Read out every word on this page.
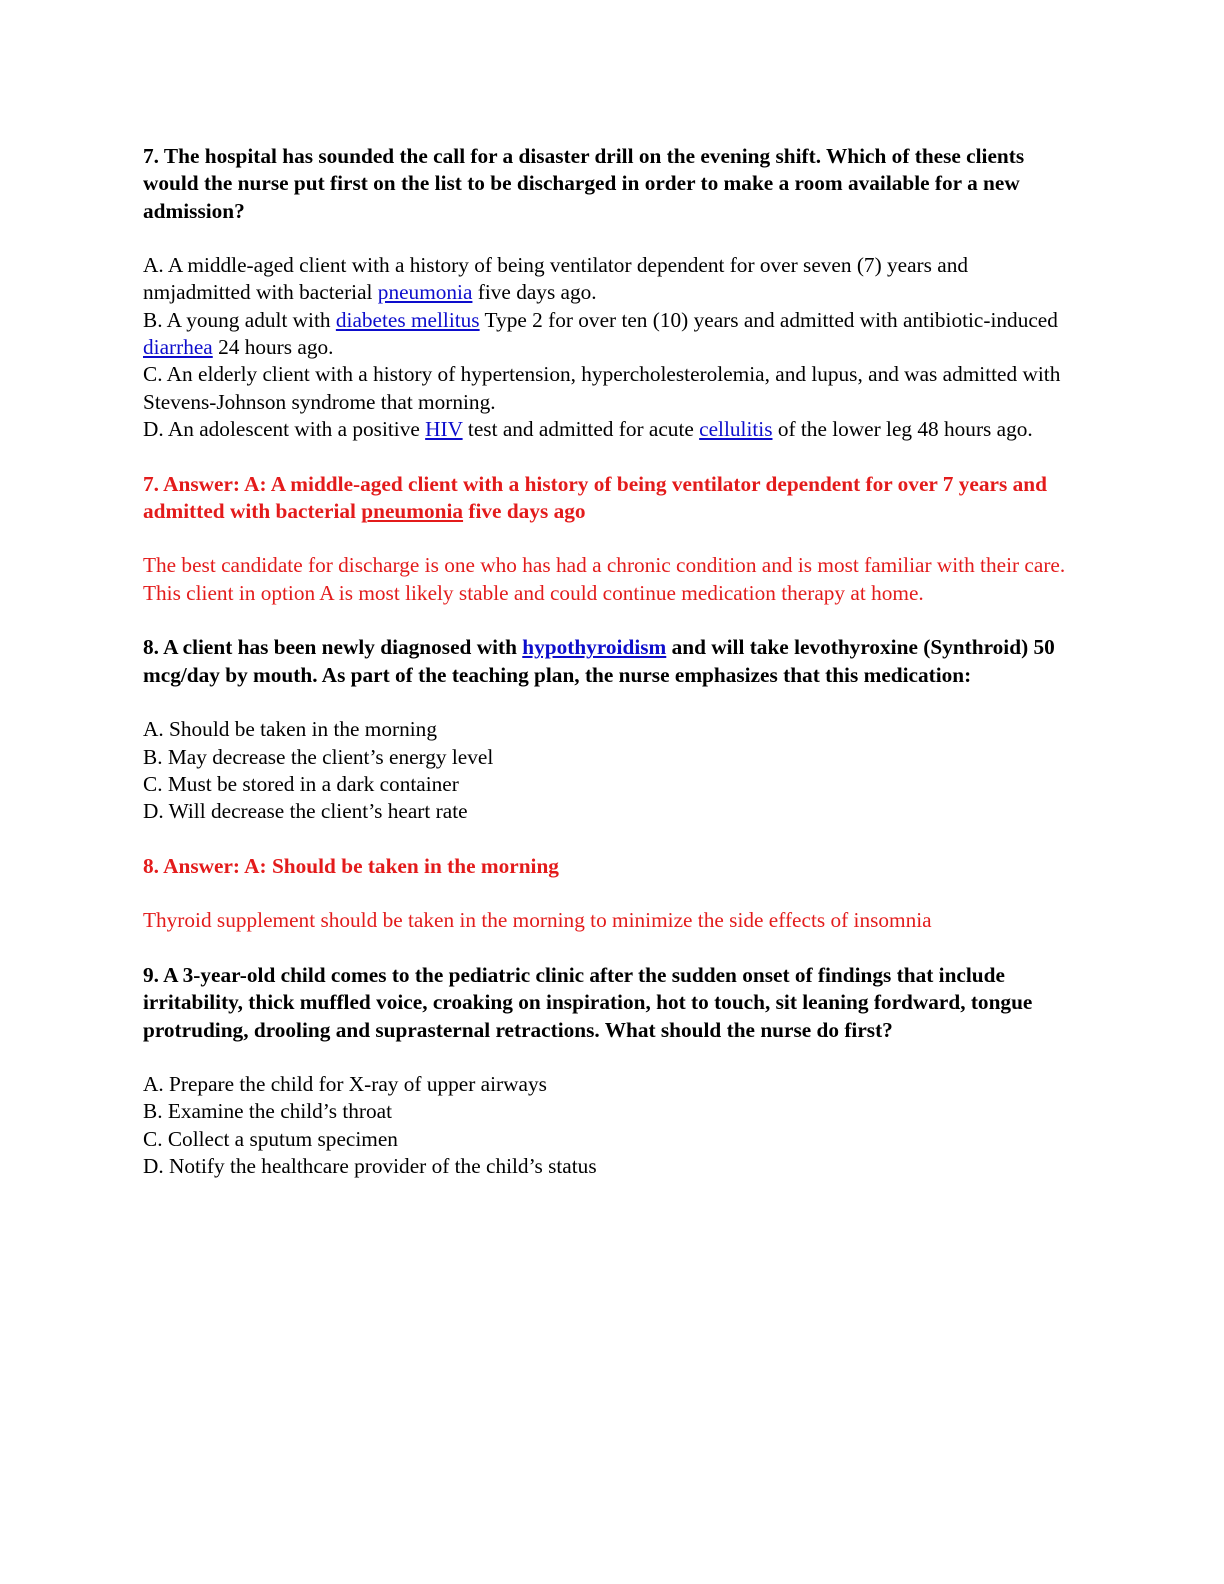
7. The hospital has sounded the call for a disaster drill on the evening shift. Which of these clients would the nurse put first on the list to be discharged in order to make a room available for a new admission?

A. A middle-aged client with a history of being ventilator dependent for over seven (7) years and nmjadmitted with bacterial pneumonia five days ago.
B. A young adult with diabetes mellitus Type 2 for over ten (10) years and admitted with antibiotic-induced diarrhea 24 hours ago.
C. An elderly client with a history of hypertension, hypercholesterolemia, and lupus, and was admitted with Stevens-Johnson syndrome that morning.
D. An adolescent with a positive HIV test and admitted for acute cellulitis of the lower leg 48 hours ago.

7. Answer: A: A middle-aged client with a history of being ventilator dependent for over 7 years and admitted with bacterial pneumonia five days ago

The best candidate for discharge is one who has had a chronic condition and is most familiar with their care. This client in option A is most likely stable and could continue medication therapy at home.

8. A client has been newly diagnosed with hypothyroidism and will take levothyroxine (Synthroid) 50 mcg/day by mouth. As part of the teaching plan, the nurse emphasizes that this medication:

A. Should be taken in the morning
B. May decrease the client’s energy level
C. Must be stored in a dark container
D. Will decrease the client’s heart rate

8. Answer: A: Should be taken in the morning

Thyroid supplement should be taken in the morning to minimize the side effects of insomnia

9. A 3-year-old child comes to the pediatric clinic after the sudden onset of findings that include irritability, thick muffled voice, croaking on inspiration, hot to touch, sit leaning fordward, tongue protruding, drooling and suprasternal retractions. What should the nurse do first?

A. Prepare the child for X-ray of upper airways
B. Examine the child’s throat
C. Collect a sputum specimen
D. Notify the healthcare provider of the child’s status
